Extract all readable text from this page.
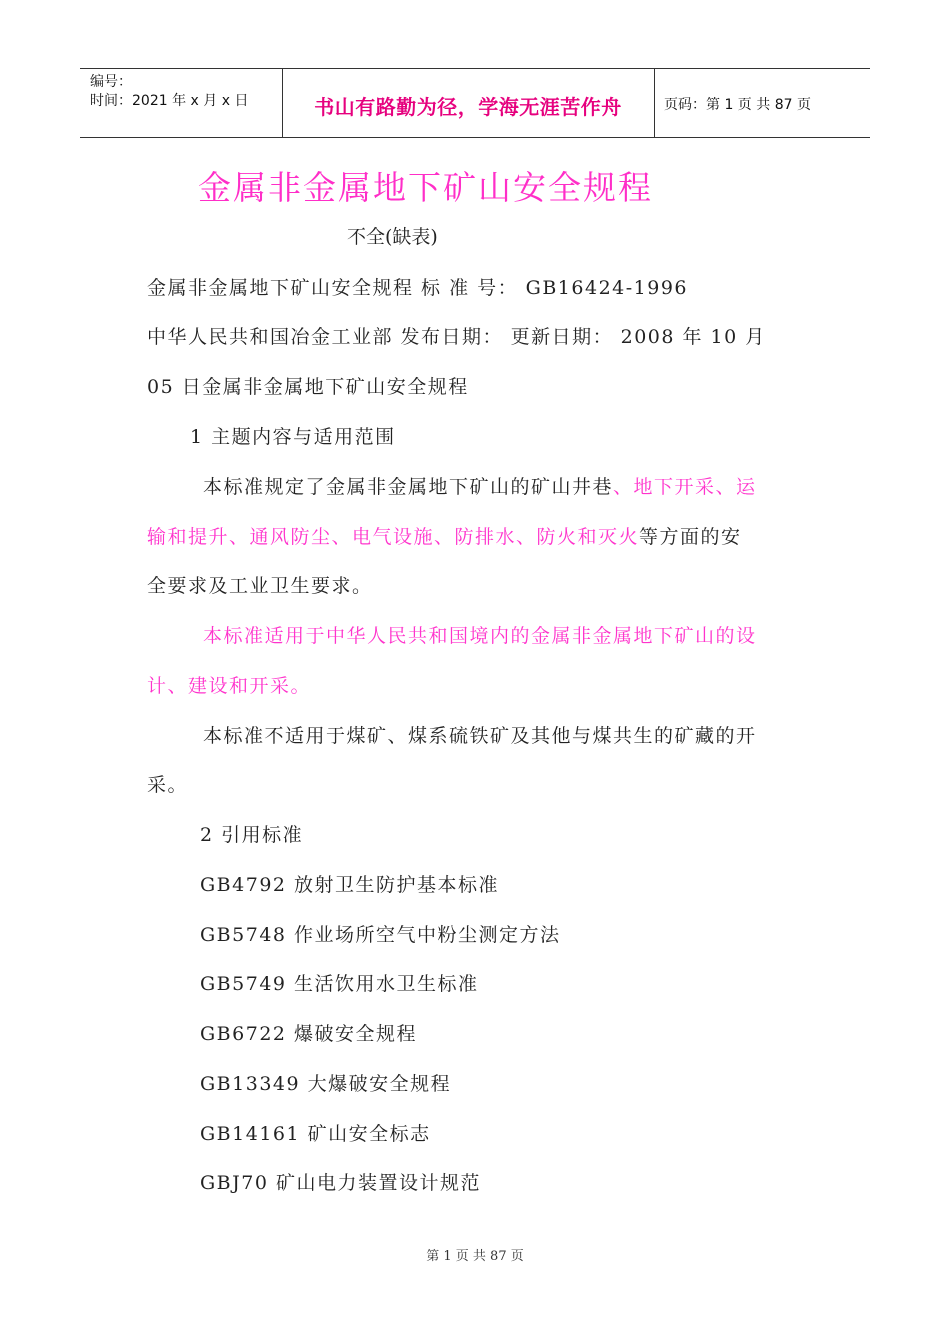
编号：
时间：2021 年 x 月 x 日	书山有路勤为径，学海无涯苦作舟	页码：第 1 页 共 87 页
金属非金属地下矿山安全规程
不全(缺表)
金属非金属地下矿山安全规程 标 准 号： GB16424-1996
中华人民共和国冶金工业部 发布日期： 更新日期： 2008 年 10 月
05 日金属非金属地下矿山安全规程
1 主题内容与适用范围
本标准规定了金属非金属地下矿山的矿山井巷、地下开采、运
输和提升、通风防尘、电气设施、防排水、防火和灭火等方面的安
全要求及工业卫生要求。
本标准适用于中华人民共和国境内的金属非金属地下矿山的设
计、建设和开采。
本标准不适用于煤矿、煤系硫铁矿及其他与煤共生的矿藏的开
采。
2 引用标准
GB4792 放射卫生防护基本标准
GB5748 作业场所空气中粉尘测定方法
GB5749 生活饮用水卫生标准
GB6722 爆破安全规程
GB13349 大爆破安全规程
GB14161 矿山安全标志
GBJ70 矿山电力装置设计规范
第 1 页 共 87 页
